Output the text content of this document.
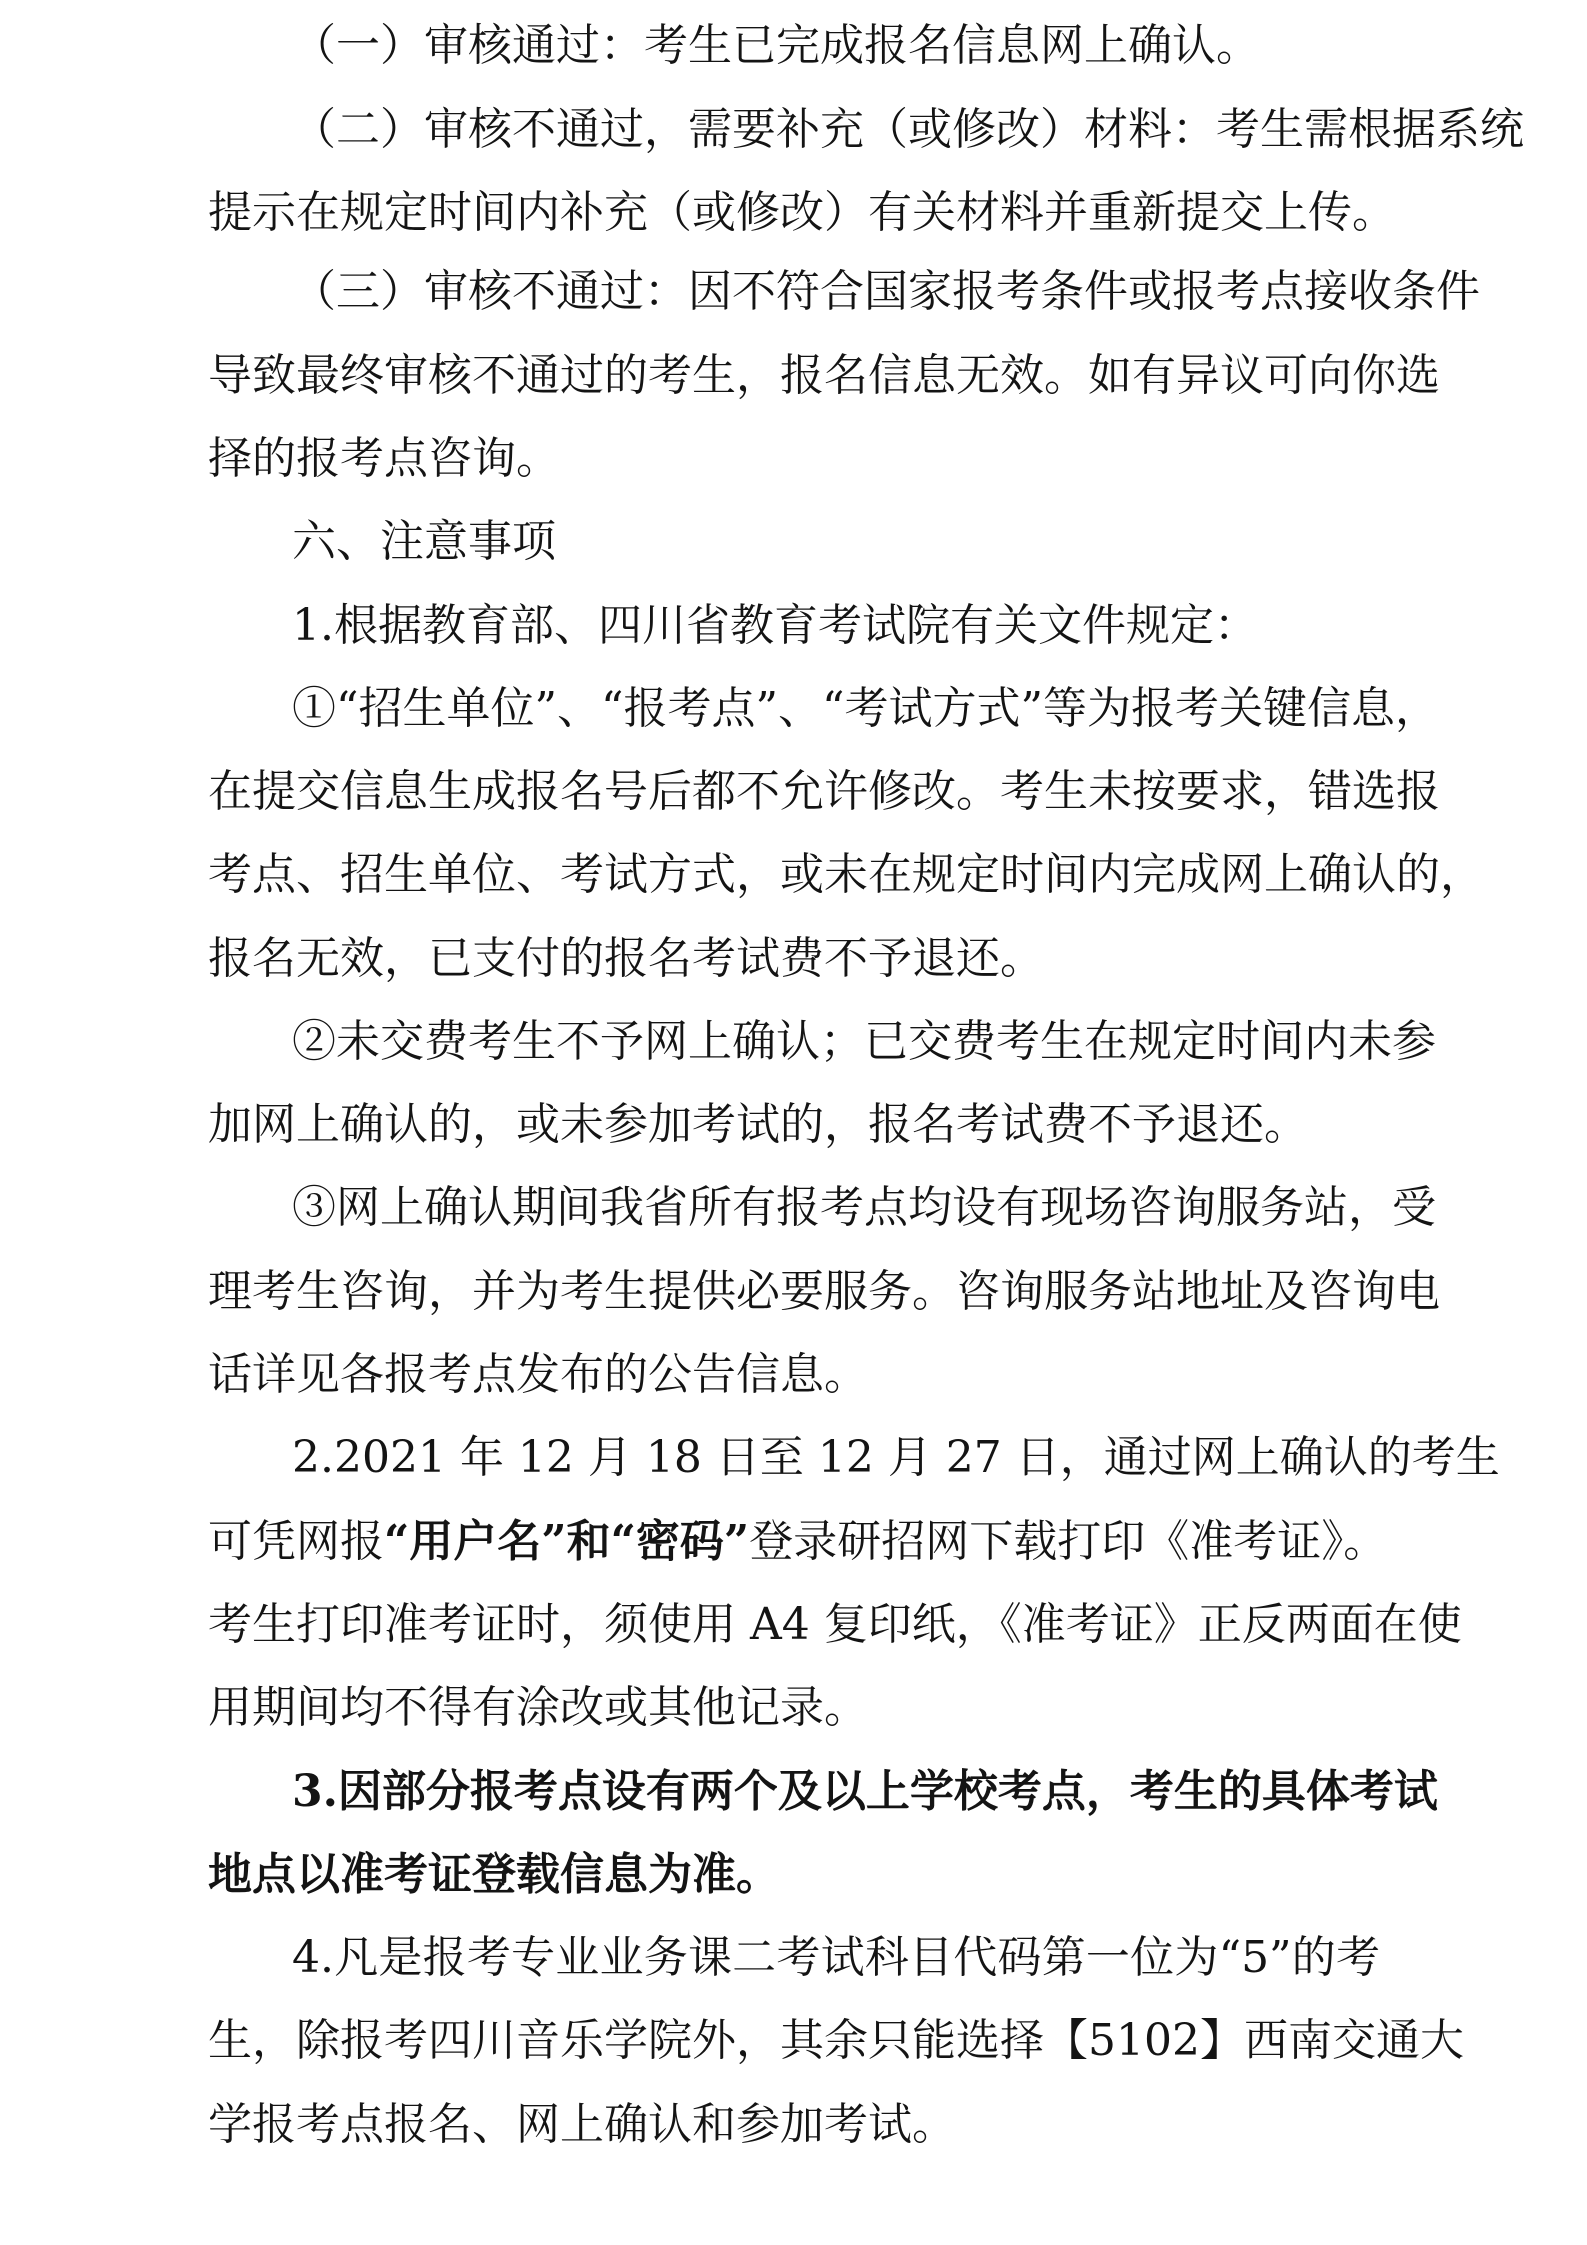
（一）审核通过：考生已完成报名信息网上确认。
（二）审核不通过，需要补充（或修改）材料：考生需根据系统
提示在规定时间内补充（或修改）有关材料并重新提交上传。
（三）审核不通过：因不符合国家报考条件或报考点接收条件
导致最终审核不通过的考生，报名信息无效。如有异议可向你选
择的报考点咨询。
六、注意事项
1.根据教育部、四川省教育考试院有关文件规定：
①“招生单位”、“报考点”、“考试方式”等为报考关键信息，
在提交信息生成报名号后都不允许修改。考生未按要求，错选报
考点、招生单位、考试方式，或未在规定时间内完成网上确认的，
报名无效，已支付的报名考试费不予退还。
②未交费考生不予网上确认；已交费考生在规定时间内未参
加网上确认的，或未参加考试的，报名考试费不予退还。
③网上确认期间我省所有报考点均设有现场咨询服务站，受
理考生咨询，并为考生提供必要服务。咨询服务站地址及咨询电
话详见各报考点发布的公告信息。
2.2021 年 12 月 18 日至 12 月 27 日，通过网上确认的考生
可凭网报“用户名”和“密码”登录研招网下载打印《准考证》。
考生打印准考证时，须使用 A4 复印纸，《准考证》正反两面在使
用期间均不得有涂改或其他记录。
3.因部分报考点设有两个及以上学校考点，考生的具体考试
地点以准考证登载信息为准。
4.凡是报考专业业务课二考试科目代码第一位为“5”的考
生，除报考四川音乐学院外，其余只能选择【5102】西南交通大
学报考点报名、网上确认和参加考试。
